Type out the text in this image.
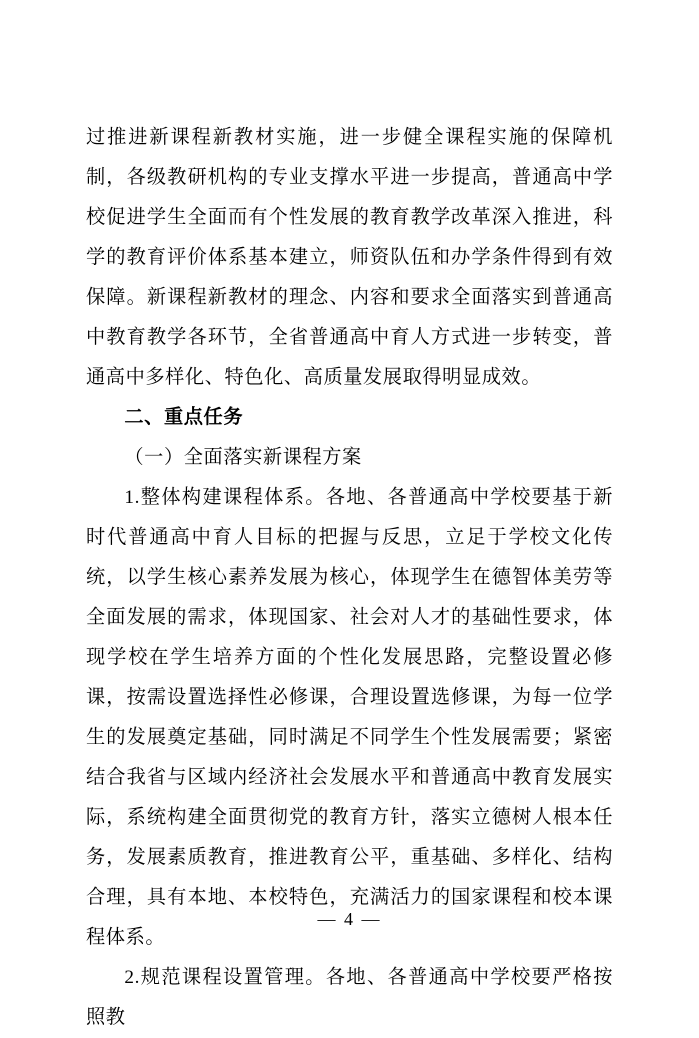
过推进新课程新教材实施，进一步健全课程实施的保障机制，各级教研机构的专业支撑水平进一步提高，普通高中学校促进学生全面而有个性发展的教育教学改革深入推进，科学的教育评价体系基本建立，师资队伍和办学条件得到有效保障。新课程新教材的理念、内容和要求全面落实到普通高中教育教学各环节，全省普通高中育人方式进一步转变，普通高中多样化、特色化、高质量发展取得明显成效。

二、重点任务
（一）全面落实新课程方案

1.整体构建课程体系。各地、各普通高中学校要基于新时代普通高中育人目标的把握与反思，立足于学校文化传统，以学生核心素养发展为核心，体现学生在德智体美劳等全面发展的需求，体现国家、社会对人才的基础性要求，体现学校在学生培养方面的个性化发展思路，完整设置必修课，按需设置选择性必修课，合理设置选修课，为每一位学生的发展奠定基础，同时满足不同学生个性发展需要；紧密结合我省与区域内经济社会发展水平和普通高中教育发展实际，系统构建全面贯彻党的教育方针，落实立德树人根本任务，发展素质教育，推进教育公平，重基础、多样化、结构合理，具有本地、本校特色，充满活力的国家课程和校本课程体系。

2.规范课程设置管理。各地、各普通高中学校要严格按照教

— 4 —
